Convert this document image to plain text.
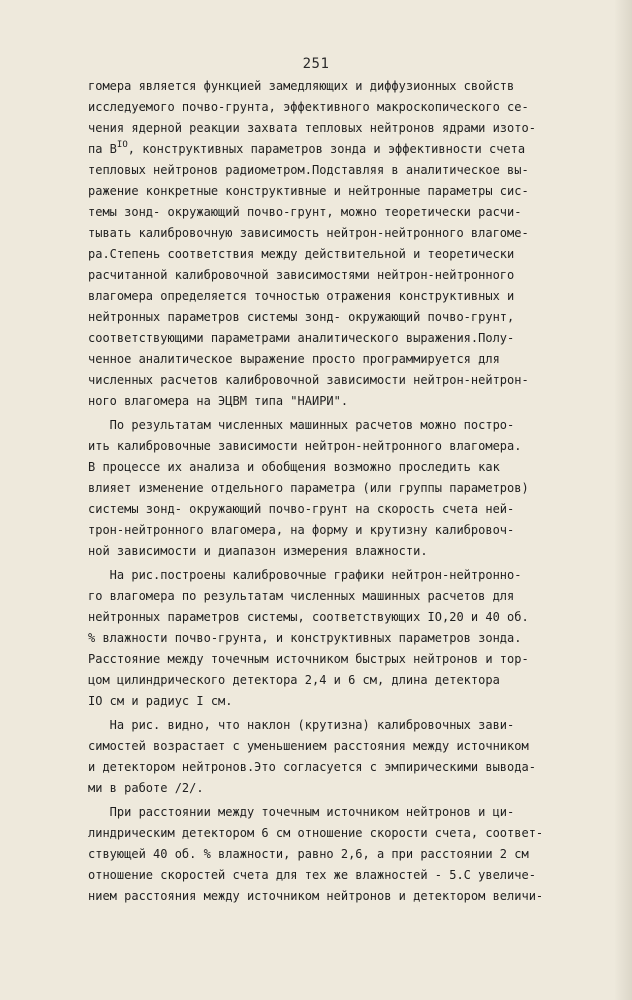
251
гомера является функцией замедляющих и диффузионных свойств
исследуемого почво-грунта, эффективного макроскопического се-
чения ядерной реакции захвата тепловых нейтронов ядрами изото-
па $B^{IO}$, конструктивных параметров зонда и эффективности счета
тепловых нейтронов радиометром.Подставляя в аналитическое вы-
ражение конкретные конструктивные и нейтронные параметры сис-
темы зонд- окружающий почво-грунт, можно теоретически расчи-
тывать калибровочную зависимость нейтрон-нейтронного влагоме-
ра.Степень соответствия между действительной и теоретически
расчитанной калибровочной зависимостями нейтрон-нейтронного
влагомера определяется точностью отражения конструктивных и
нейтронных параметров системы зонд- окружающий почво-грунт,
соответствующими параметрами аналитического выражения.Полу-
ченное аналитическое выражение просто программируется для
численных расчетов калибровочной зависимости нейтрон-нейтрон-
ного влагомера на ЭЦВМ типа "НАИРИ".
По результатам численных машинных расчетов можно постро-
ить калибровочные зависимости нейтрон-нейтронного влагомера.
В процессе их анализа и обобщения возможно проследить как
влияет изменение отдельного параметра (или группы параметров)
системы зонд- окружающий почво-грунт на скорость счета ней-
трон-нейтронного влагомера, на форму и крутизну калибровоч-
ной зависимости и диапазон измерения влажности.
На рис.построены калибровочные графики нейтрон-нейтронно-
го влагомера по результатам численных машинных расчетов для
нейтронных параметров системы, соответствующих IO,20 и 40 об.
% влажности почво-грунта, и конструктивных параметров зонда.
Расстояние между точечным источником быстрых нейтронов и тор-
цом цилиндрического детектора 2,4 и 6 см, длина детектора
IO см и радиус I см.
На рис. видно, что наклон (крутизна) калибровочных зави-
симостей возрастает с уменьшением расстояния между источником
и детектором нейтронов.Это согласуется с эмпирическими вывода-
ми в работе /2/.
При расстоянии между точечным источником нейтронов и ци-
линдрическим детектором 6 см отношение скорости счета, соответ-
ствующей 40 об. % влажности, равно 2,6, а при расстоянии 2 см
отношение скоростей счета для тех же влажностей - 5.С увеличе-
нием расстояния между источником нейтронов и детектором величи-
